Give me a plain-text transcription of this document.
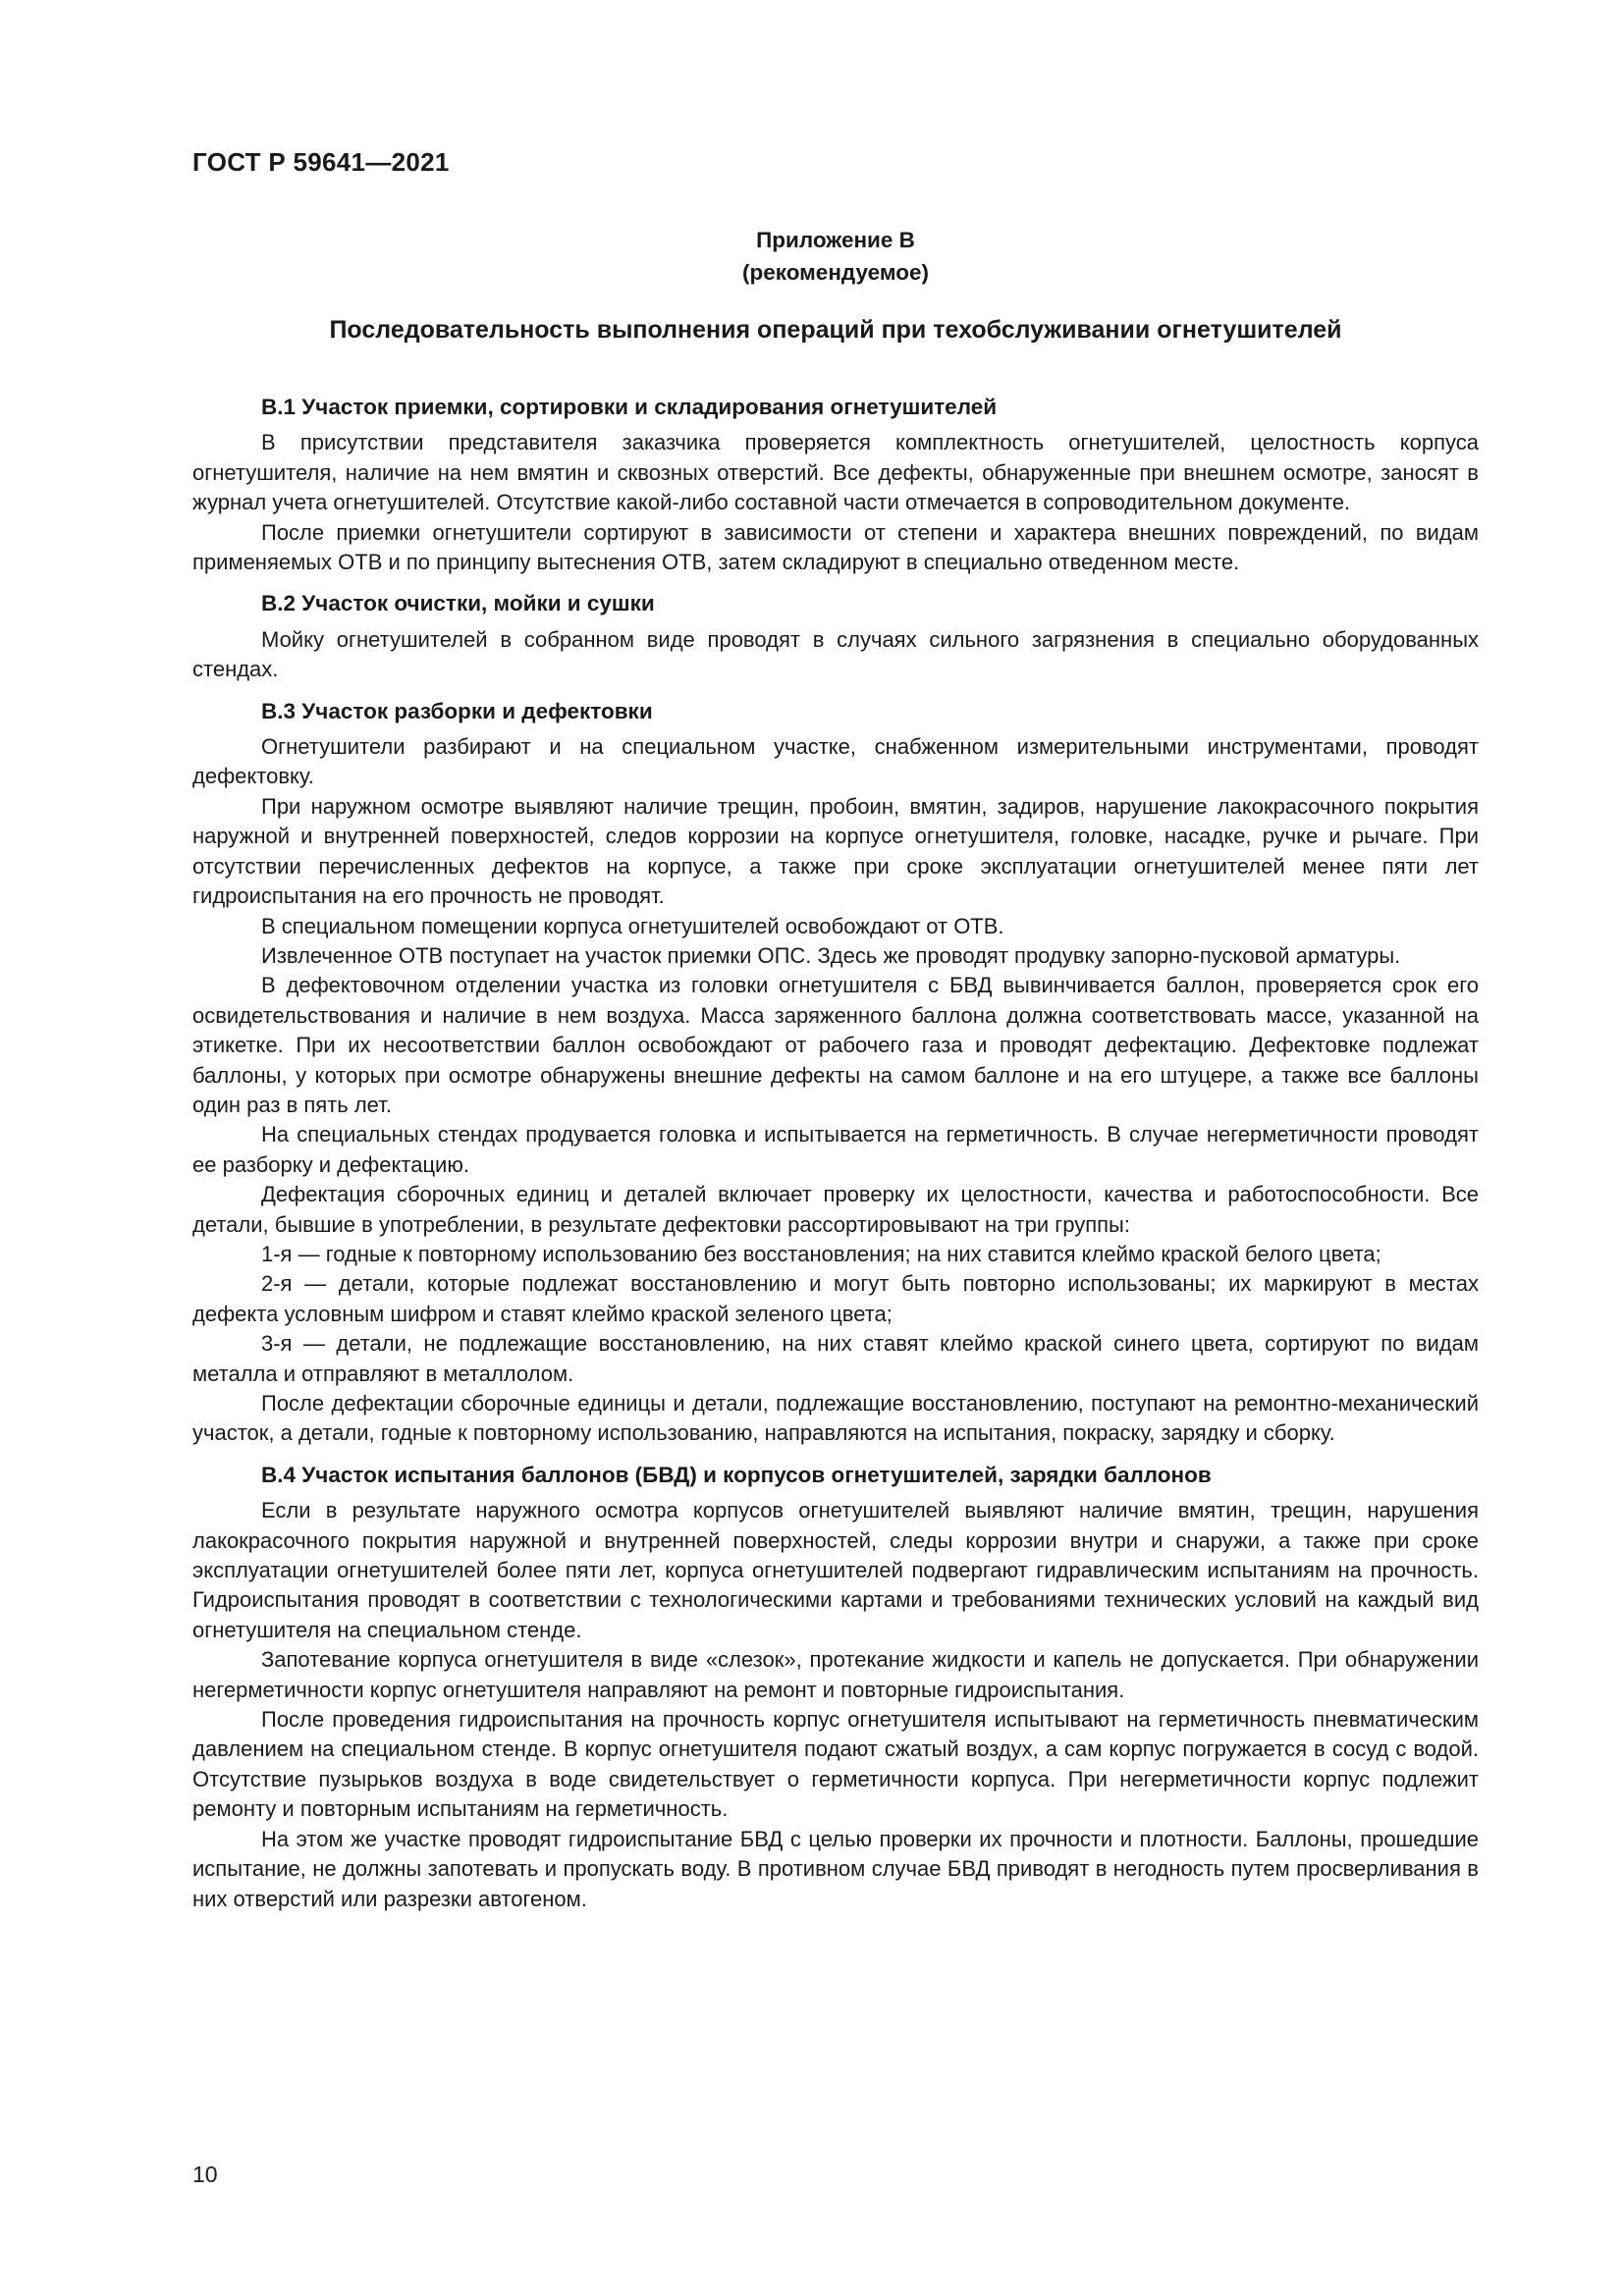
ГОСТ Р 59641—2021
Приложение В
(рекомендуемое)
Последовательность выполнения операций при техобслуживании огнетушителей
В.1 Участок приемки, сортировки и складирования огнетушителей

В присутствии представителя заказчика проверяется комплектность огнетушителей, целостность корпуса огнетушителя, наличие на нем вмятин и сквозных отверстий. Все дефекты, обнаруженные при внешнем осмотре, заносят в журнал учета огнетушителей. Отсутствие какой-либо составной части отмечается в сопроводительном документе.

После приемки огнетушители сортируют в зависимости от степени и характера внешних повреждений, по видам применяемых ОТВ и по принципу вытеснения ОТВ, затем складируют в специально отведенном месте.

В.2 Участок очистки, мойки и сушки

Мойку огнетушителей в собранном виде проводят в случаях сильного загрязнения в специально оборудованных стендах.

В.3 Участок разборки и дефектовки

Огнетушители разбирают и на специальном участке, снабженном измерительными инструментами, проводят дефектовку.

При наружном осмотре выявляют наличие трещин, пробоин, вмятин, задиров, нарушение лакокрасочного покрытия наружной и внутренней поверхностей, следов коррозии на корпусе огнетушителя, головке, насадке, ручке и рычаге. При отсутствии перечисленных дефектов на корпусе, а также при сроке эксплуатации огнетушителей менее пяти лет гидроиспытания на его прочность не проводят.

В специальном помещении корпуса огнетушителей освобождают от ОТВ.

Извлеченное ОТВ поступает на участок приемки ОПС. Здесь же проводят продувку запорно-пусковой арматуры.

В дефектовочном отделении участка из головки огнетушителя с БВД вывинчивается баллон, проверяется срок его освидетельствования и наличие в нем воздуха. Масса заряженного баллона должна соответствовать массе, указанной на этикетке. При их несоответствии баллон освобождают от рабочего газа и проводят дефектацию. Дефектовке подлежат баллоны, у которых при осмотре обнаружены внешние дефекты на самом баллоне и на его штуцере, а также все баллоны один раз в пять лет.

На специальных стендах продувается головка и испытывается на герметичность. В случае негерметичности проводят ее разборку и дефектацию.

Дефектация сборочных единиц и деталей включает проверку их целостности, качества и работоспособности. Все детали, бывшие в употреблении, в результате дефектовки рассортировывают на три группы:

1-я — годные к повторному использованию без восстановления; на них ставится клеймо краской белого цвета;

2-я — детали, которые подлежат восстановлению и могут быть повторно использованы; их маркируют в местах дефекта условным шифром и ставят клеймо краской зеленого цвета;

3-я — детали, не подлежащие восстановлению, на них ставят клеймо краской синего цвета, сортируют по видам металла и отправляют в металлолом.

После дефектации сборочные единицы и детали, подлежащие восстановлению, поступают на ремонтно-механический участок, а детали, годные к повторному использованию, направляются на испытания, покраску, зарядку и сборку.

В.4 Участок испытания баллонов (БВД) и корпусов огнетушителей, зарядки баллонов

Если в результате наружного осмотра корпусов огнетушителей выявляют наличие вмятин, трещин, нарушения лакокрасочного покрытия наружной и внутренней поверхностей, следы коррозии внутри и снаружи, а также при сроке эксплуатации огнетушителей более пяти лет, корпуса огнетушителей подвергают гидравлическим испытаниям на прочность. Гидроиспытания проводят в соответствии с технологическими картами и требованиями технических условий на каждый вид огнетушителя на специальном стенде.

Запотевание корпуса огнетушителя в виде «слезок», протекание жидкости и капель не допускается. При обнаружении негерметичности корпус огнетушителя направляют на ремонт и повторные гидроиспытания.

После проведения гидроиспытания на прочность корпус огнетушителя испытывают на герметичность пневматическим давлением на специальном стенде. В корпус огнетушителя подают сжатый воздух, а сам корпус погружается в сосуд с водой. Отсутствие пузырьков воздуха в воде свидетельствует о герметичности корпуса. При негерметичности корпус подлежит ремонту и повторным испытаниям на герметичность.

На этом же участке проводят гидроиспытание БВД с целью проверки их прочности и плотности. Баллоны, прошедшие испытание, не должны запотевать и пропускать воду. В противном случае БВД приводят в негодность путем просверливания в них отверстий или разрезки автогеном.

10
